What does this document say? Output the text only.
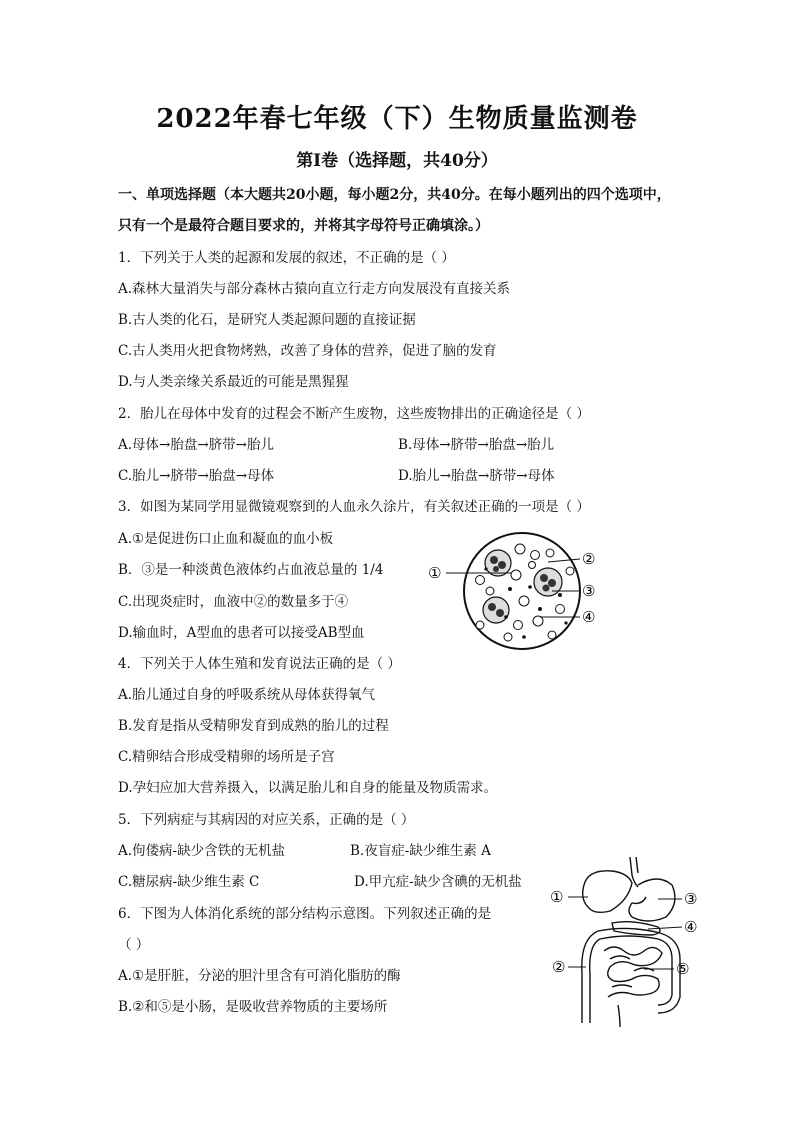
2022年春七年级（下）生物质量监测卷
第Ⅰ卷（选择题，共40分）
一、单项选择题（本大题共20小题，每小题2分，共40分。在每小题列出的四个选项中，
只有一个是最符合题目要求的，并将其字母符号正确填涂。）
1．下列关于人类的起源和发展的叙述，不正确的是（ ）
A.森林大量消失与部分森林古猿向直立行走方向发展没有直接关系
B.古人类的化石，是研究人类起源问题的直接证据
C.古人类用火把食物烤熟，改善了身体的营养，促进了脑的发育
D.与人类亲缘关系最近的可能是黑猩猩
2．胎儿在母体中发育的过程会不断产生废物，这些废物排出的正确途径是（ ）
A.母体→胎盘→脐带→胎儿	B.母体→脐带→胎盘→胎儿
C.胎儿→脐带→胎盘→母体	D.胎儿→胎盘→脐带→母体
3．如图为某同学用显微镜观察到的人血永久涂片，有关叙述正确的一项是（ ）
A.①是促进伤口止血和凝血的血小板
B．③是一种淡黄色液体约占血液总量的 1/4
C.出现炎症时，血液中②的数量多于④
D.输血时，A型血的患者可以接受AB型血
①
②
③
④
4．下列关于人体生殖和发育说法正确的是（ ）
A.胎儿通过自身的呼吸系统从母体获得氧气
B.发育是指从受精卵发育到成熟的胎儿的过程
C.精卵结合形成受精卵的场所是子宫
D.孕妇应加大营养摄入，以满足胎儿和自身的能量及物质需求。
5．下列病症与其病因的对应关系，正确的是（ ）
A.佝偻病-缺少含铁的无机盐	B.夜盲症-缺少维生素 A
C.糖尿病-缺少维生素 C	D.甲亢症-缺少含碘的无机盐
6．下图为人体消化系统的部分结构示意图。下列叙述正确的是
（ ）
A.①是肝脏，分泌的胆汁里含有可消化脂肪的酶
B.②和⑤是小肠，是吸收营养物质的主要场所
①
②
③
④
⑤
